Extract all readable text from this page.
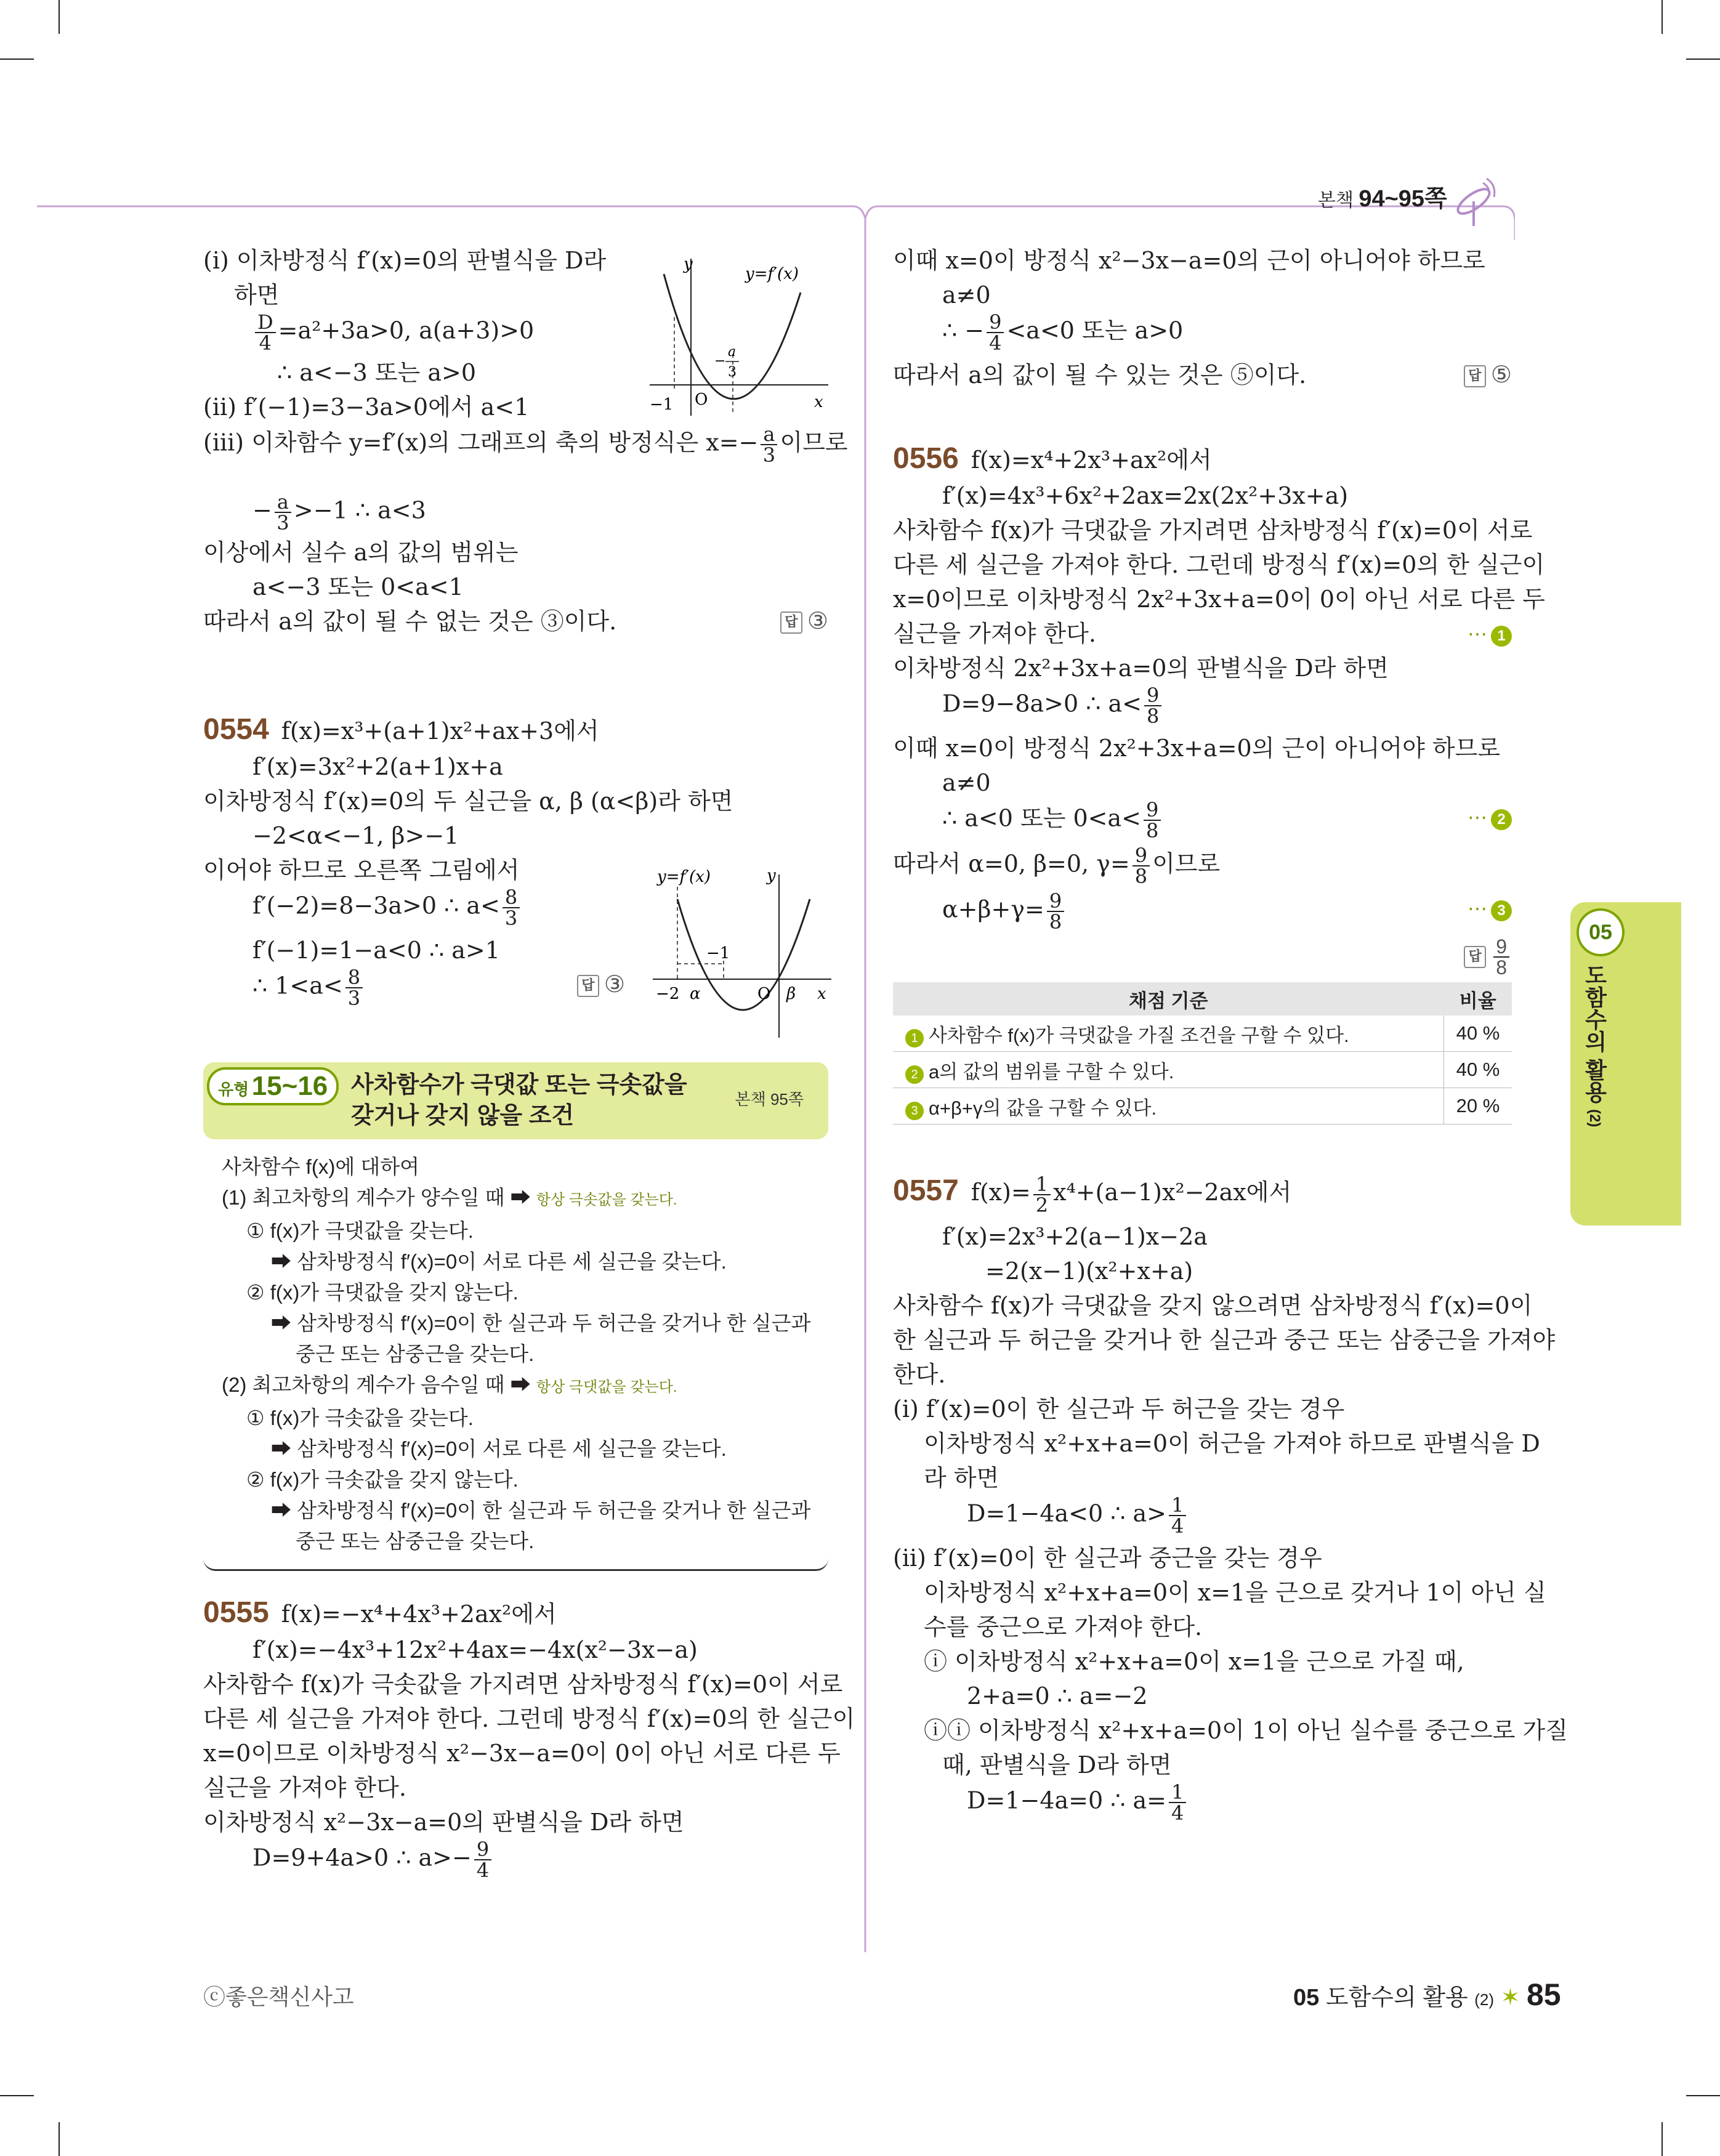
본책 94~95쪽
(i) 이차방정식 f′(x)=0의 판별식을 D라
하면
$\frac{D}{4} =a^2+3a>0$, a(a+3)>0
∴ a<−3 또는 a>0
(ii) f′(−1)=3−3a>0에서 a<1
(iii) 이차함수 y=f′(x)의 그래프의 축의 방정식은 $x=- \frac{a}{3}$ 이므로
− $\frac{a}{3} >-1$ ∴ a<3
이상에서 실수 a의 값의 범위는
a<−3 또는 0<a<1
따라서 a의 값이 될 수 없는 것은 ③이다.	답 ③
y
y=f′(x)
x
−1 O
−
a
3
0554 f(x)=x³+(a+1)x²+ax+3에서
f′(x)=3x²+2(a+1)x+a
이차방정식 f′(x)=0의 두 실근을 α, β (α<β)라 하면
−2<α<−1, β>−1
이어야 하므로 오른쪽 그림에서
f′(−2)=8−3a>0 ∴ $a< \frac{8}{3}$
f′(−1)=1−a<0 ∴ a>1
∴ $1<a< \frac{8}{3}$	답 ③
y=f′(x)	y
x
−2 α
−1
O β
유형 15~16 사차함수가 극댓값 또는 극솟값을
갖거나 갖지 않을 조건
본책 95쪽
사차함수 f(x)에 대하여
(1) 최고차항의 계수가 양수일 때 ➡ 항상 극솟값을 갖는다.
① f(x)가 극댓값을 갖는다.
➡ 삼차방정식 f′(x)=0이 서로 다른 세 실근을 갖는다.
② f(x)가 극댓값을 갖지 않는다.
➡ 삼차방정식 f′(x)=0이 한 실근과 두 허근을 갖거나 한 실근과
중근 또는 삼중근을 갖는다.
(2) 최고차항의 계수가 음수일 때 ➡ 항상 극댓값을 갖는다.
① f(x)가 극솟값을 갖는다.
➡ 삼차방정식 f′(x)=0이 서로 다른 세 실근을 갖는다.
② f(x)가 극솟값을 갖지 않는다.
➡ 삼차방정식 f′(x)=0이 한 실근과 두 허근을 갖거나 한 실근과
중근 또는 삼중근을 갖는다.
0555 f(x)=−x⁴+4x³+2ax²에서
f′(x)=−4x³+12x²+4ax=−4x(x²−3x−a)
사차함수 f(x)가 극솟값을 가지려면 삼차방정식 f′(x)=0이 서로
다른 세 실근을 가져야 한다. 그런데 방정식 f′(x)=0의 한 실근이
x=0이므로 이차방정식 x²−3x−a=0이 0이 아닌 서로 다른 두
실근을 가져야 한다.
이차방정식 x²−3x−a=0의 판별식을 D라 하면
D=9+4a>0 ∴ $a>- \frac{9}{4}$
이때 x=0이 방정식 x²−3x−a=0의 근이 아니어야 하므로
a≠0
∴ − $\frac{9}{4} <a<0$ 또는 a>0
따라서 a의 값이 될 수 있는 것은 ⑤이다.	답 ⑤
0556 f(x)=x⁴+2x³+ax²에서
f′(x)=4x³+6x²+2ax=2x(2x²+3x+a)
사차함수 f(x)가 극댓값을 가지려면 삼차방정식 f′(x)=0이 서로
다른 세 실근을 가져야 한다. 그런데 방정식 f′(x)=0의 한 실근이
x=0이므로 이차방정식 2x²+3x+a=0이 0이 아닌 서로 다른 두
실근을 가져야 한다.	⋯ 1
이차방정식 2x²+3x+a=0의 판별식을 D라 하면
D=9−8a>0 ∴ $a< \frac{9}{8}$
이때 x=0이 방정식 2x²+3x+a=0의 근이 아니어야 하므로
a≠0
∴ a<0 또는 $0<a< \frac{9}{8}$	⋯ 2
따라서 α=0, β=0, $\gamma= \frac{9}{8}$ 이므로
$\alpha+\beta+\gamma= \frac{9}{8}$	⋯ 3
답 $\frac{9}{8}$
채점 기준	비율
1 사차함수 f(x)가 극댓값을 가질 조건을 구할 수 있다.	40 %
2 a의 값의 범위를 구할 수 있다.	40 %
3 α+β+γ의 값을 구할 수 있다.	20 %
0557 $f(x)= \frac{1}{2} x^4+(a-1)x^2-2ax$에서
f′(x)=2x³+2(a−1)x−2a
=2(x−1)(x²+x+a)
사차함수 f(x)가 극댓값을 갖지 않으려면 삼차방정식 f′(x)=0이
한 실근과 두 허근을 갖거나 한 실근과 중근 또는 삼중근을 가져야
한다.
(i) f′(x)=0이 한 실근과 두 허근을 갖는 경우
이차방정식 x²+x+a=0이 허근을 가져야 하므로 판별식을 D
라 하면
D=1−4a<0 ∴ $a> \frac{1}{4}$
(ii) f′(x)=0이 한 실근과 중근을 갖는 경우
이차방정식 x²+x+a=0이 x=1을 근으로 갖거나 1이 아닌 실
수를 중근으로 가져야 한다.
ⓘ 이차방정식 x²+x+a=0이 x=1을 근으로 가질 때,
2+a=0 ∴ a=−2
ⓘⓘ 이차방정식 x²+x+a=0이 1이 아닌 실수를 중근으로 가질
때, 판별식을 D라 하면
D=1−4a=0 ∴ $a= \frac{1}{4}$
05
도함수의 활용 (2)
ⓒ좋은책신사고	05 도함수의 활용 (2) ✶ 85
